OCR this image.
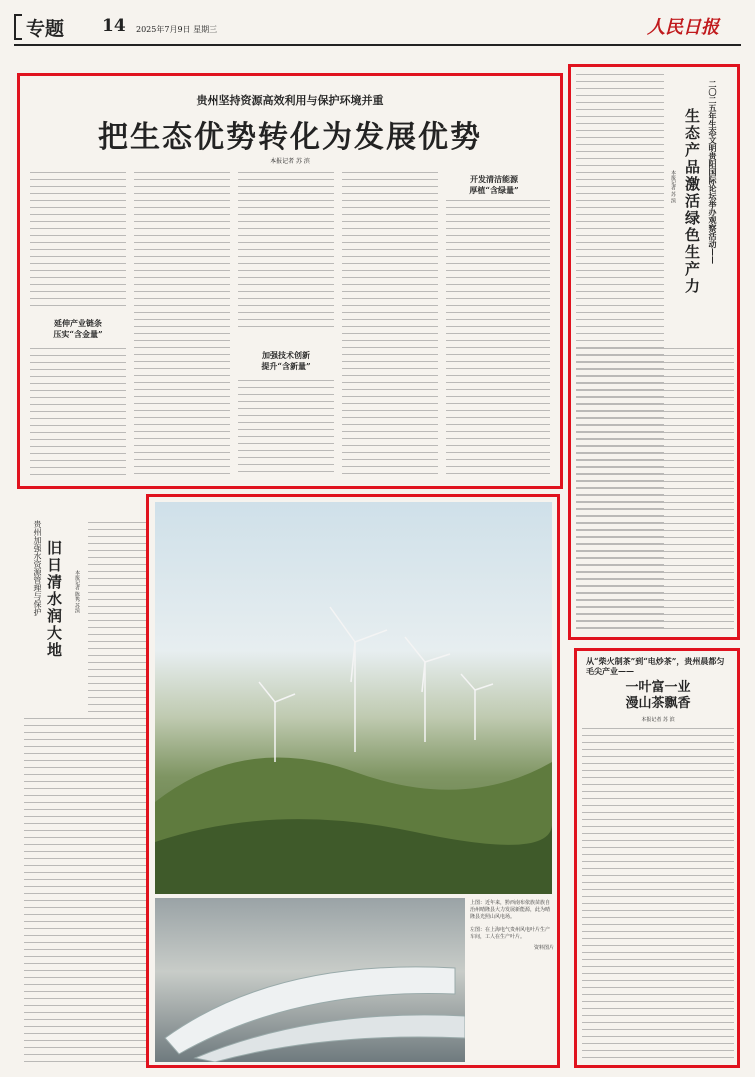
专题 14 2025年7月9日 星期三	人民日报
贵州坚持资源高效利用与保护环境并重
把生态优势转化为发展优势
本报记者 苏 滨
延伸产业链条
压实“含金量”
加强技术创新
提升“含新量”
开发清洁能源
厚植“含绿量”	二〇二五年生态文明贵阳国际论坛举办观察活动——
生态产品激活绿色生产力
本报记者 苏 滨
贵州加强水资源管理与保护 旧日清水润大地	本报记者 陈隽 苏滨
上图：近年来，黔西南布依族苗族自治州晴隆县大力发展新能源，此为晴隆县光照山风电场。
左图：在上海电气贵州风电叶片生产车间，工人在生产叶片。
资料图片
从“柴火制茶”到“电炒茶”，贵州晨都匀毛尖产业——
一叶富一业
漫山茶飘香
本报记者 苏 滨
